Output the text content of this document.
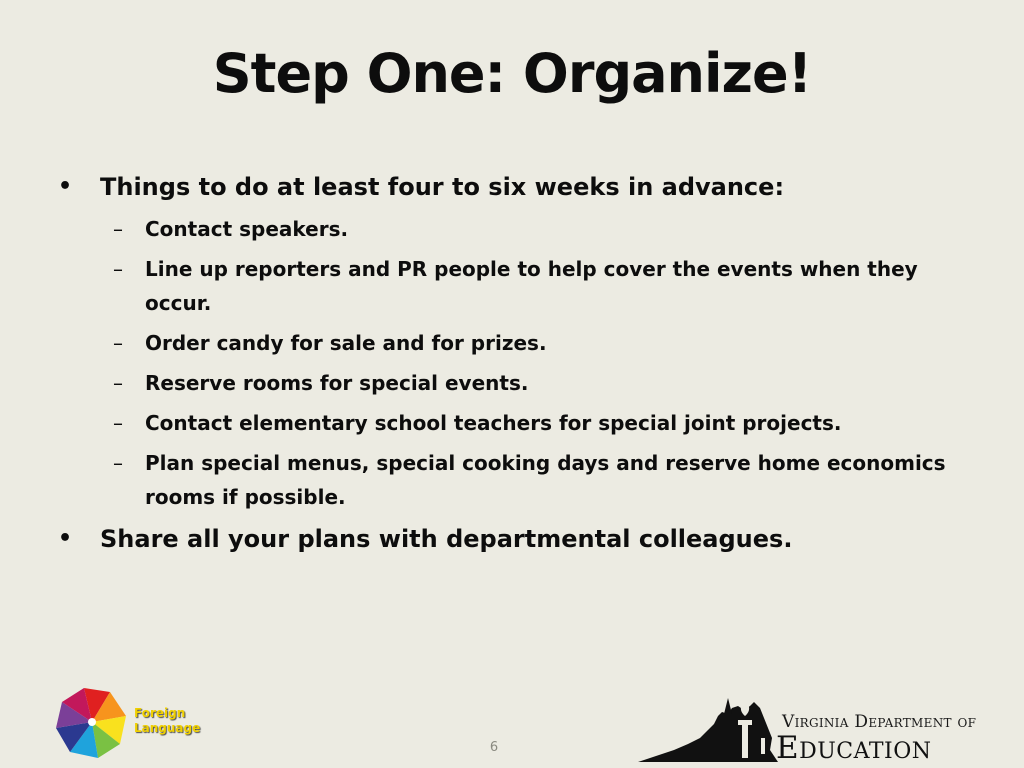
Step One: Organize!
• Things to do at least four to six weeks in advance:
– Contact speakers.
– Line up reporters and PR people to help cover the events when they occur.
– Order candy for sale and for prizes.
– Reserve rooms for special events.
– Contact elementary school teachers for special joint projects.
– Plan special menus, special cooking days and reserve home economics rooms if possible.
• Share all your plans with departmental colleagues.
Foreign
Language
6
Virginia Department of
Education
